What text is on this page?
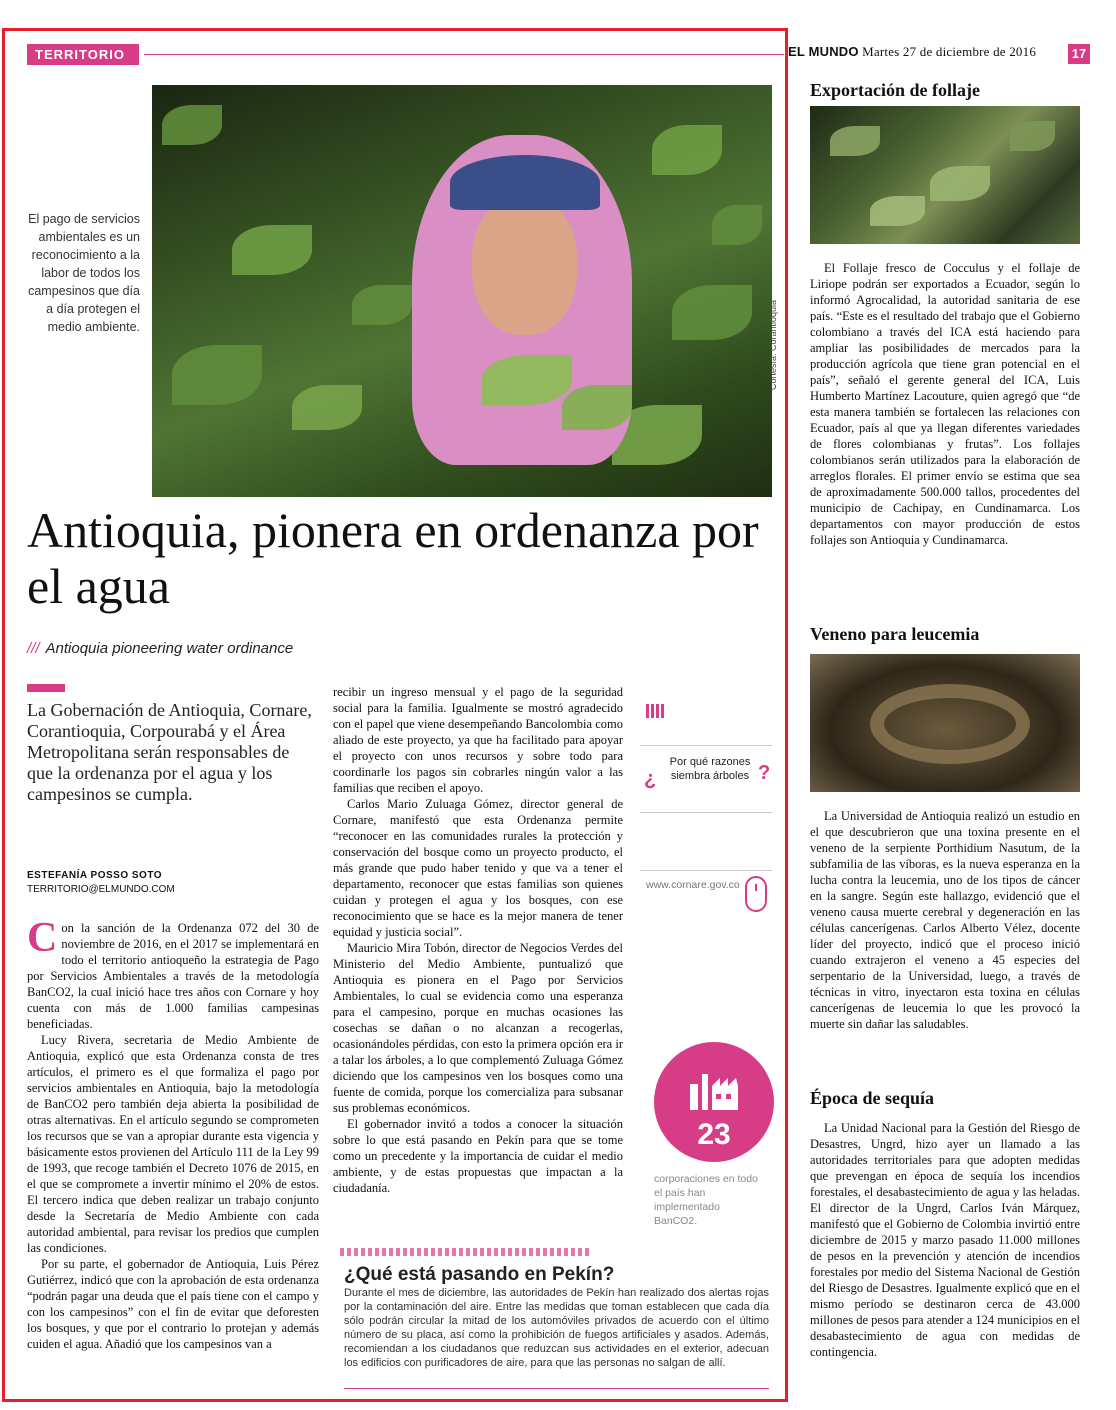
TERRITORIO	EL MUNDO Martes 27 de diciembre de 2016	17
Cortesía: Corantioquia
El pago de servicios ambientales es un reconocimiento a la labor de todos los campesinos que día a día protegen el medio ambiente.
Antioquia, pionera en ordenanza por el agua
/// Antioquia pioneering water ordinance
La Gobernación de Antioquia, Cornare, Corantioquia, Corpourabá y el Área Metropolitana serán responsables de que la ordenanza por el agua y los campesinos se cumpla.
ESTEFANÍA POSSO SOTO
TERRITORIO@ELMUNDO.COM

Con la sanción de la Ordenanza 072 del 30 de noviembre de 2016, en el 2017 se implementará en todo el territorio antioqueño la estrategia de Pago por Servicios Ambientales a través de la metodología BanCO2, la cual inició hace tres años con Cornare y hoy cuenta con más de 1.000 familias campesinas beneficiadas.

Lucy Rivera, secretaria de Medio Ambiente de Antioquia, explicó que esta Ordenanza consta de tres artículos, el primero es el que formaliza el pago por servicios ambientales en Antioquia, bajo la metodología de BanCO2 pero también deja abierta la posibilidad de otras alternativas. En el artículo segundo se comprometen los recursos que se van a apropiar durante esta vigencia y básicamente estos provienen del Artículo 111 de la Ley 99 de 1993, que recoge también el Decreto 1076 de 2015, en el que se compromete a invertir mínimo el 20% de estos. El tercero indica que deben realizar un trabajo conjunto desde la Secretaría de Medio Ambiente con cada autoridad ambiental, para revisar los predios que cumplen las condiciones.

Por su parte, el gobernador de Antioquia, Luis Pérez Gutiérrez, indicó que con la aprobación de esta ordenanza “podrán pagar una deuda que el país tiene con el campo y con los campesinos” con el fin de evitar que deforesten los bosques, y que por el contrario lo protejan y además cuiden el agua. Añadió que los campesinos van a

recibir un ingreso mensual y el pago de la seguridad social para la familia. Igualmente se mostró agradecido con el papel que viene desempeñando Bancolombia como aliado de este proyecto, ya que ha facilitado para apoyar el proyecto con unos recursos y sobre todo para coordinarle los pagos sin cobrarles ningún valor a las familias que reciben el apoyo.

Carlos Mario Zuluaga Gómez, director general de Cornare, manifestó que esta Ordenanza permite “reconocer en las comunidades rurales la protección y conservación del bosque como un proyecto producto, el más grande que pudo haber tenido y que va a tener el departamento, reconocer que estas familias son quienes cuidan y protegen el agua y los bosques, con ese reconocimiento que se hace es la mejor manera de tener equidad y justicia social”.

Mauricio Mira Tobón, director de Negocios Verdes del Ministerio del Medio Ambiente, puntualizó que Antioquia es pionera en el Pago por Servicios Ambientales, lo cual se evidencia como una esperanza para el campesino, porque en muchas ocasiones las cosechas se dañan o no alcanzan a recogerlas, ocasionándoles pérdidas, con esto la primera opción era ir a talar los árboles, a lo que complementó Zuluaga Gómez diciendo que los campesinos ven los bosques como una fuente de comida, porque los comercializa para subsanar sus problemas económicos.

El gobernador invitó a todos a conocer la situación sobre lo que está pasando en Pekín para que se tome como un precedente y la importancia de cuidar el medio ambiente, y de estas propuestas que impactan a la ciudadanía.

¿	?
Por qué razones siembra árboles
www.cornare.gov.co
23
corporaciones en todo el país han implementado BanCO2.
¿Qué está pasando en Pekín?
Durante el mes de diciembre, las autoridades de Pekín han realizado dos alertas rojas por la contaminación del aire. Entre las medidas que toman establecen que cada día sólo podrán circular la mitad de los automóviles privados de acuerdo con el último número de su placa, así como la prohibición de fuegos artificiales y asados. Además, recomiendan a los ciudadanos que reduzcan sus actividades en el exterior, adecuan los edificios con purificadores de aire, para que las personas no salgan de allí.
Exportación de follaje
El Follaje fresco de Cocculus y el follaje de Liriope podrán ser exportados a Ecuador, según lo informó Agrocalidad, la autoridad sanitaria de ese país. “Este es el resultado del trabajo que el Gobierno colombiano a través del ICA está haciendo para ampliar las posibilidades de mercados para la producción agrícola que tiene gran potencial en el país”, señaló el gerente general del ICA, Luis Humberto Martínez Lacouture, quien agregó que “de esta manera también se fortalecen las relaciones con Ecuador, país al que ya llegan diferentes variedades de flores colombianas y frutas”. Los follajes colombianos serán utilizados para la elaboración de arreglos florales. El primer envío se estima que sea de aproximadamente 500.000 tallos, procedentes del municipio de Cachipay, en Cundinamarca. Los departamentos con mayor producción de estos follajes son Antioquia y Cundinamarca.
Veneno para leucemia
La Universidad de Antioquia realizó un estudio en el que descubrieron que una toxina presente en el veneno de la serpiente Porthidium Nasutum, de la subfamilia de las víboras, es la nueva esperanza en la lucha contra la leucemia, uno de los tipos de cáncer en la sangre. Según este hallazgo, evidenció que el veneno causa muerte cerebral y degeneración en las células cancerígenas. Carlos Alberto Vélez, docente líder del proyecto, indicó que el proceso inició cuando extrajeron el veneno a 45 especies del serpentario de la Universidad, luego, a través de técnicas in vitro, inyectaron esta toxina en células cancerígenas de leucemia lo que les provocó la muerte sin dañar las saludables.
Época de sequía
La Unidad Nacional para la Gestión del Riesgo de Desastres, Ungrd, hizo ayer un llamado a las autoridades territoriales para que adopten medidas que prevengan en época de sequía los incendios forestales, el desabastecimiento de agua y las heladas. El director de la Ungrd, Carlos Iván Márquez, manifestó que el Gobierno de Colombia invirtió entre diciembre de 2015 y marzo pasado 11.000 millones de pesos en la prevención y atención de incendios forestales por medio del Sistema Nacional de Gestión del Riesgo de Desastres. Igualmente explicó que en el mismo período se destinaron cerca de 43.000 millones de pesos para atender a 124 municipios en el desabastecimiento de agua con medidas de contingencia.
